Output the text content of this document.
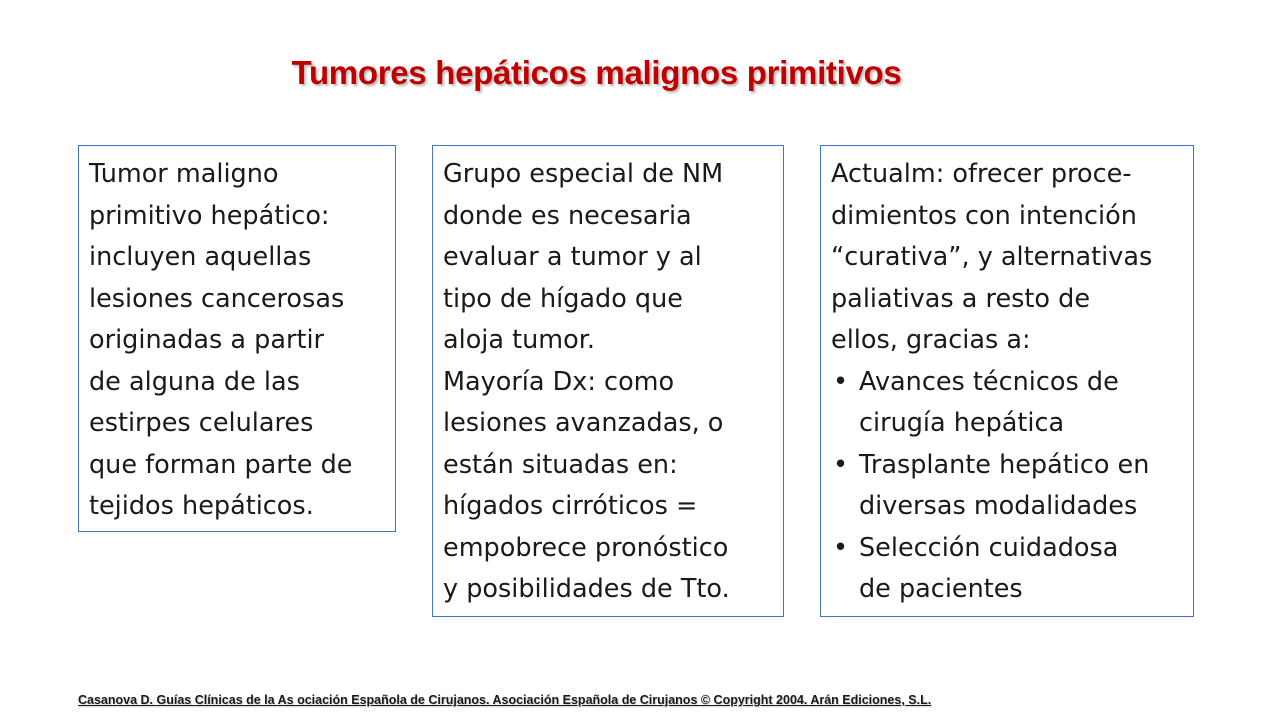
Tumores hepáticos malignos primitivos

Tumor maligno

primitivo hepático:

incluyen aquellas

lesiones cancerosas

originadas a partir

de alguna de las

estirpes celulares

que forman parte de

tejidos hepáticos.

Grupo especial de NM

donde es necesaria

evaluar a tumor y al

tipo de hígado que

aloja tumor.

Mayoría Dx: como

lesiones avanzadas, o

están situadas en:

hígados cirróticos =

empobrece pronóstico

y posibilidades de Tto.

Actualm: ofrecer proce-

dimientos con intención

“curativa”, y alternativas

paliativas a resto de

ellos, gracias a:

• Avances técnicos de
cirugía hepática
• Trasplante hepático en
diversas modalidades
• Selección cuidadosa
de pacientes
Casanova D. Guías Clínicas de la As ociación Española de Cirujanos. Asociación Española de Cirujanos © Copyright 2004. Arán Ediciones, S.L.
